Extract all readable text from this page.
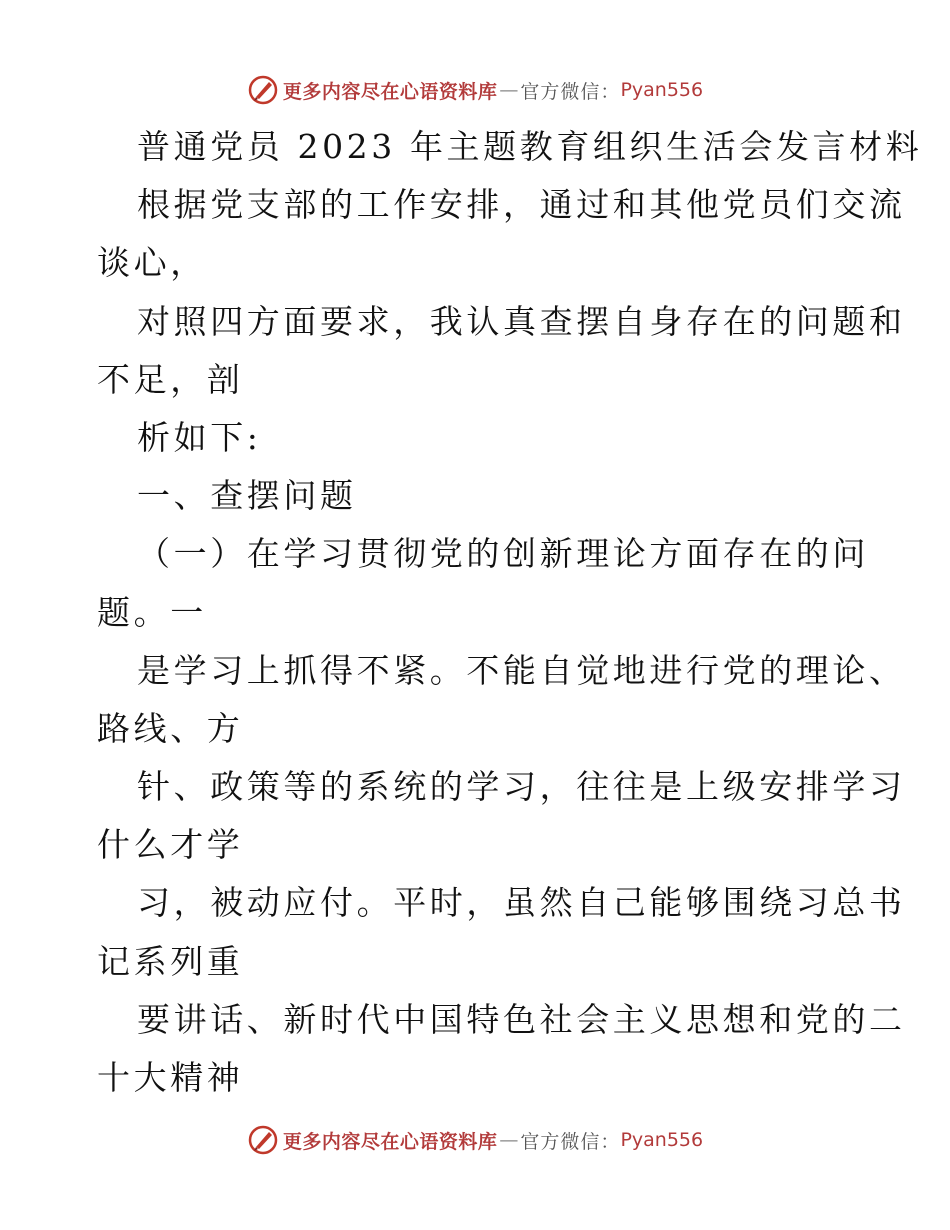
更多内容尽在心语资料库 — 官方微信： Pyan556
普通党员 2023 年主题教育组织生活会发言材料
根据党支部的工作安排，通过和其他党员们交流
谈心，
对照四方面要求，我认真查摆自身存在的问题和
不足，剖
析如下:
一、查摆问题
（一）在学习贯彻党的创新理论方面存在的问
题。一
是学习上抓得不紧。不能自觉地进行党的理论、
路线、方
针、政策等的系统的学习，往往是上级安排学习
什么才学
习，被动应付。平时，虽然自己能够围绕习总书
记系列重
要讲话、新时代中国特色社会主义思想和党的二
十大精神
更多内容尽在心语资料库 — 官方微信： Pyan556
